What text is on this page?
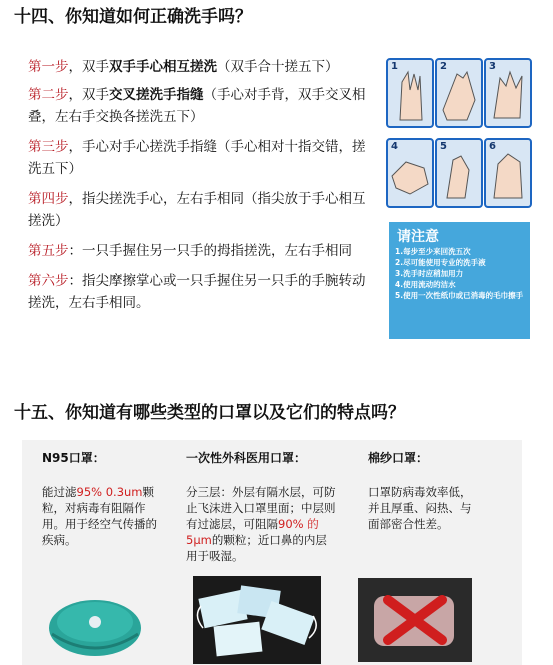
十四、你知道如何正确洗手吗？
第一步，双手双手手心相互搓洗（双手合十搓五下）
第二步，双手交叉搓洗手指缝（手心对手背，双手交叉相叠，左右手交换各搓洗五下）
第三步，手心对手心搓洗手指缝（手心相对十指交错，搓洗五下）
第四步，指尖搓洗手心，左右手相同（指尖放于手心相互搓洗）
第五步：一只手握住另一只手的拇指搓洗，左右手相同
第六步：指尖摩擦掌心或一只手握住另一只手的手腕转动搓洗，左右手相同。
1	2	3
4	5	6
请注意
1.每步至少来回洗五次
2.尽可能使用专业的洗手液
3.洗手时应稍加用力
4.使用流动的洁水
5.使用一次性纸巾或已消毒的毛巾擦手
十五、你知道有哪些类型的口罩以及它们的特点吗？
N95口罩：
能过滤95% 0.3um颗粒，对病毒有阻隔作用。用于经空气传播的疾病。
一次性外科医用口罩：
分三层：外层有隔水层，可防止飞沫进入口罩里面；中层则有过滤层，可阻隔90% 的5μm的颗粒；近口鼻的内层用于吸湿。
棉纱口罩：
口罩防病毒效率低，并且厚重、闷热、与面部密合性差。
